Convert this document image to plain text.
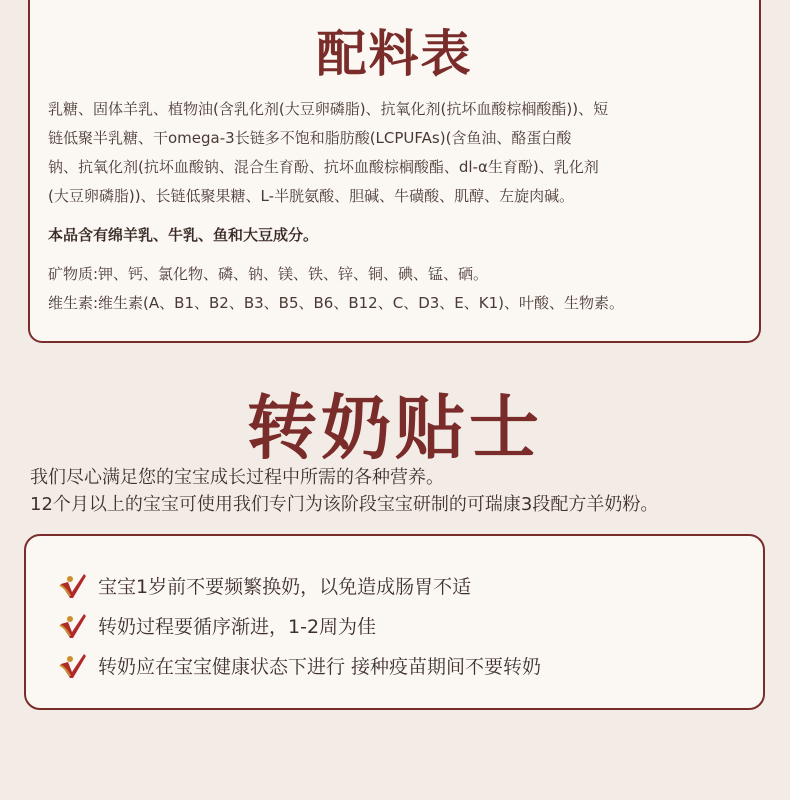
配料表

乳糖、固体羊乳、植物油(含乳化剂(大豆卵磷脂)、抗氧化剂(抗坏血酸棕榈酸酯))、短

链低聚半乳糖、干omega-3长链多不饱和脂肪酸(LCPUFAs)(含鱼油、酪蛋白酸

钠、抗氧化剂(抗坏血酸钠、混合生育酚、抗坏血酸棕榈酸酯、dl-α生育酚)、乳化剂

(大豆卵磷脂))、长链低聚果糖、L-半胱氨酸、胆碱、牛磺酸、肌醇、左旋肉碱。

本品含有绵羊乳、牛乳、鱼和大豆成分。

矿物质:钾、钙、氯化物、磷、钠、镁、铁、锌、铜、碘、锰、硒。

维生素:维生素(A、B1、B2、B3、B5、B6、B12、C、D3、E、K1)、叶酸、生物素。

转奶贴士

我们尽心满足您的宝宝成长过程中所需的各种营养。

12个月以上的宝宝可使用我们专门为该阶段宝宝研制的可瑞康3段配方羊奶粉。

宝宝1岁前不要频繁换奶，以免造成肠胃不适
转奶过程要循序渐进，1-2周为佳
转奶应在宝宝健康状态下进行 接种疫苗期间不要转奶
